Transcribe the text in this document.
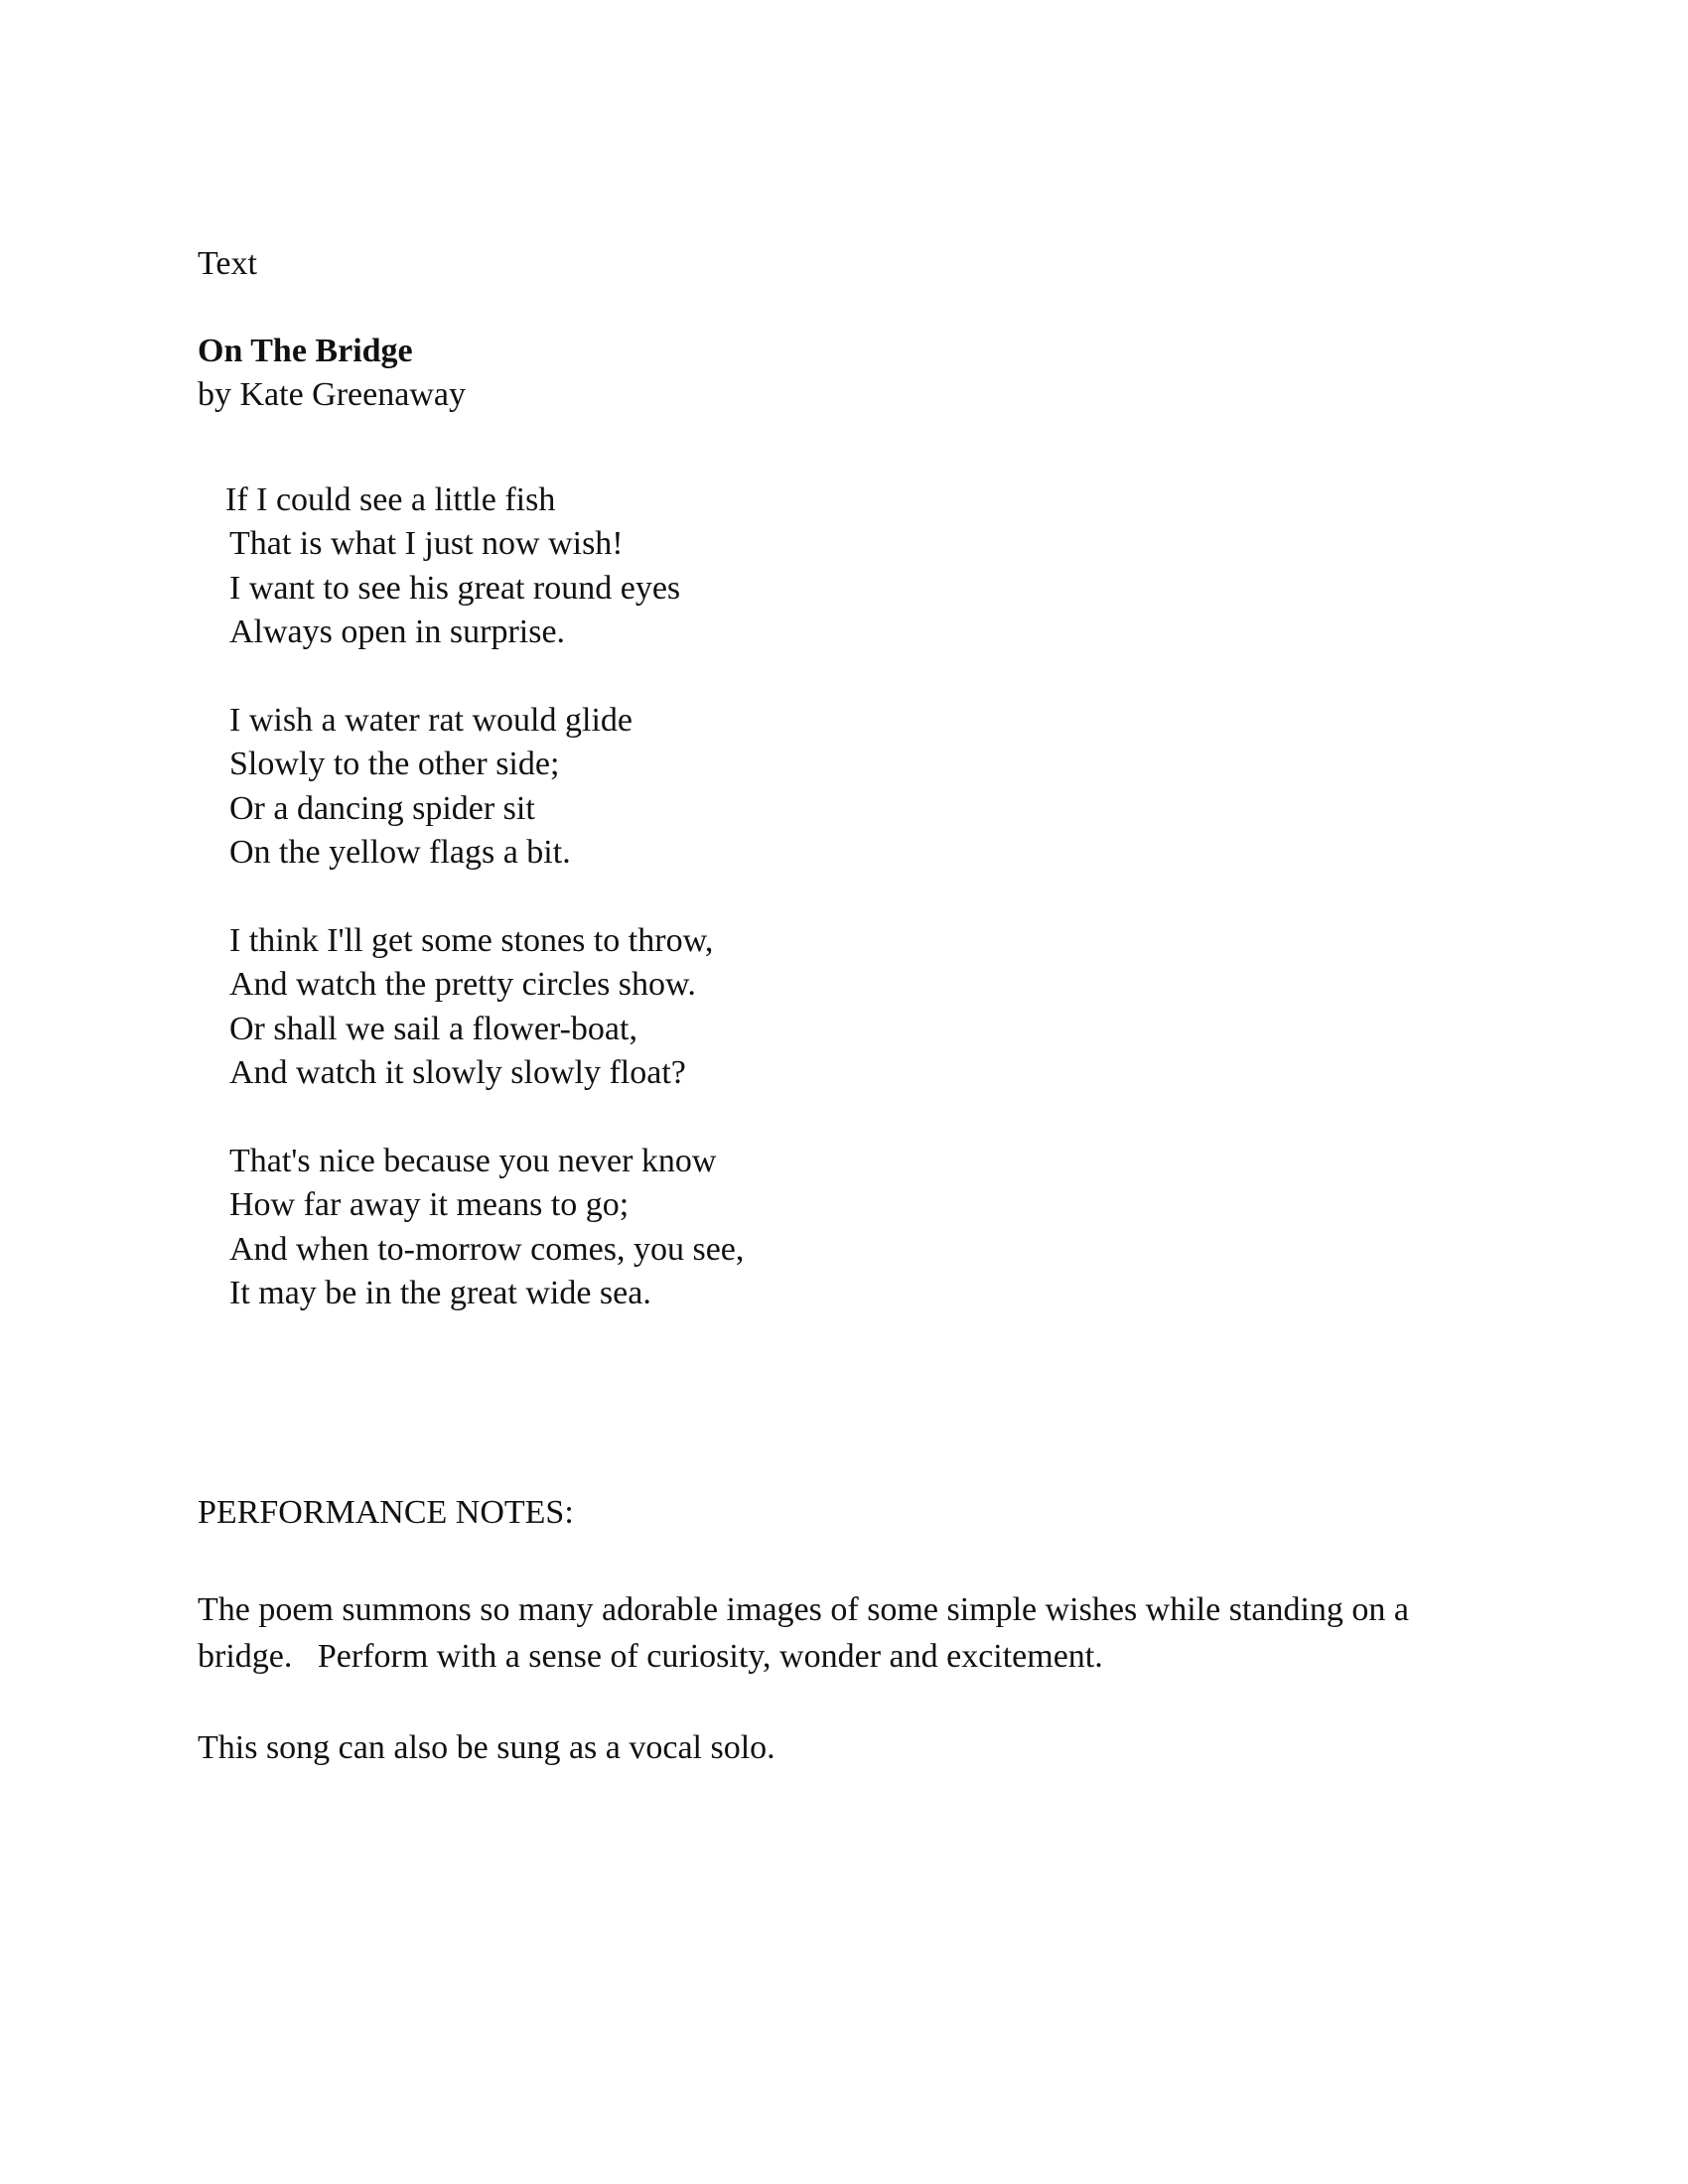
Text
On The Bridge
by Kate Greenaway
If I could see a little fish
That is what I just now wish!
I want to see his great round eyes
Always open in surprise.
I wish a water rat would glide
Slowly to the other side;
Or a dancing spider sit
On the yellow flags a bit.
I think I'll get some stones to throw,
And watch the pretty circles show.
Or shall we sail a flower-boat,
And watch it slowly slowly float?
That's nice because you never know
How far away it means to go;
And when to-morrow comes, you see,
It may be in the great wide sea.
PERFORMANCE NOTES:
The poem summons so many adorable images of some simple wishes while standing on a bridge.   Perform with a sense of curiosity, wonder and excitement.
This song can also be sung as a vocal solo.
